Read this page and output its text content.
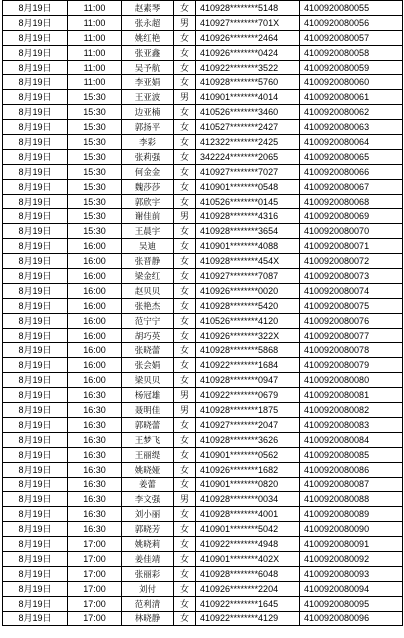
8月19日	11:00	赵素琴	女	410928********5148	4100920080055
8月19日	11:00	张永超	男	410927********701X	4100920080056
8月19日	11:00	姚红艳	女	410926********2464	4100920080057
8月19日	11:00	张亚鑫	女	410926********0424	4100920080058
8月19日	11:00	吴予航	女	410922********3522	4100920080059
8月19日	11:00	李亚娟	女	410928********5760	4100920080060
8月19日	15:30	王亚波	男	410901********4014	4100920080061
8月19日	15:30	边亚楠	女	410526********3460	4100920080062
8月19日	15:30	郭扬平	女	410527********2427	4100920080063
8月19日	15:30	李彩	女	412322********2425	4100920080064
8月19日	15:30	张莉强	女	342224********2065	4100920080065
8月19日	15:30	何金金	女	410927********7027	4100920080066
8月19日	15:30	魏莎莎	女	410901********0548	4100920080067
8月19日	15:30	郭欣宇	女	410526********0145	4100920080068
8月19日	15:30	谢佳前	男	410928********4316	4100920080069
8月19日	15:30	王晨宇	女	410928********3654	4100920080070
8月19日	16:00	吴迪	女	410901********4088	4100920080071
8月19日	16:00	张晋静	女	410928********454X	4100920080072
8月19日	16:00	梁金红	女	410927********7087	4100920080073
8月19日	16:00	赵贝贝	女	410926********0020	4100920080074
8月19日	16:00	张艳杰	女	410928********5420	4100920080075
8月19日	16:00	范宁宁	女	410526********4120	4100920080076
8月19日	16:00	胡巧英	女	410926********322X	4100920080077
8月19日	16:00	张晓蕾	女	410928********5868	4100920080078
8月19日	16:00	张会娟	女	410922********1684	4100920080079
8月19日	16:00	梁贝贝	女	410928********0947	4100920080080
8月19日	16:30	杨冠雄	男	410922********0679	4100920080081
8月19日	16:30	聂明佳	男	410928********1875	4100920080082
8月19日	16:30	郭晓蕾	女	410927********2047	4100920080083
8月19日	16:30	王梦飞	女	410928********3626	4100920080084
8月19日	16:30	王丽缇	女	410901********0562	4100920080085
8月19日	16:30	姚晓娅	女	410926********1682	4100920080086
8月19日	16:30	姜蕾	女	410901********0820	4100920080087
8月19日	16:30	李文强	男	410928********0034	4100920080088
8月19日	16:30	刘小丽	女	410928********4001	4100920080089
8月19日	16:30	郭晓芳	女	410901********5042	4100920080090
8月19日	17:00	姚晓莉	女	410922********4948	4100920080091
8月19日	17:00	姜佳靖	女	410901********402X	4100920080092
8月19日	17:00	张丽彩	女	410928********6048	4100920080093
8月19日	17:00	刘付	女	410926********2204	4100920080094
8月19日	17:00	范利清	女	410922********1645	4100920080095
8月19日	17:00	林晓静	女	410922********4129	4100920080096
